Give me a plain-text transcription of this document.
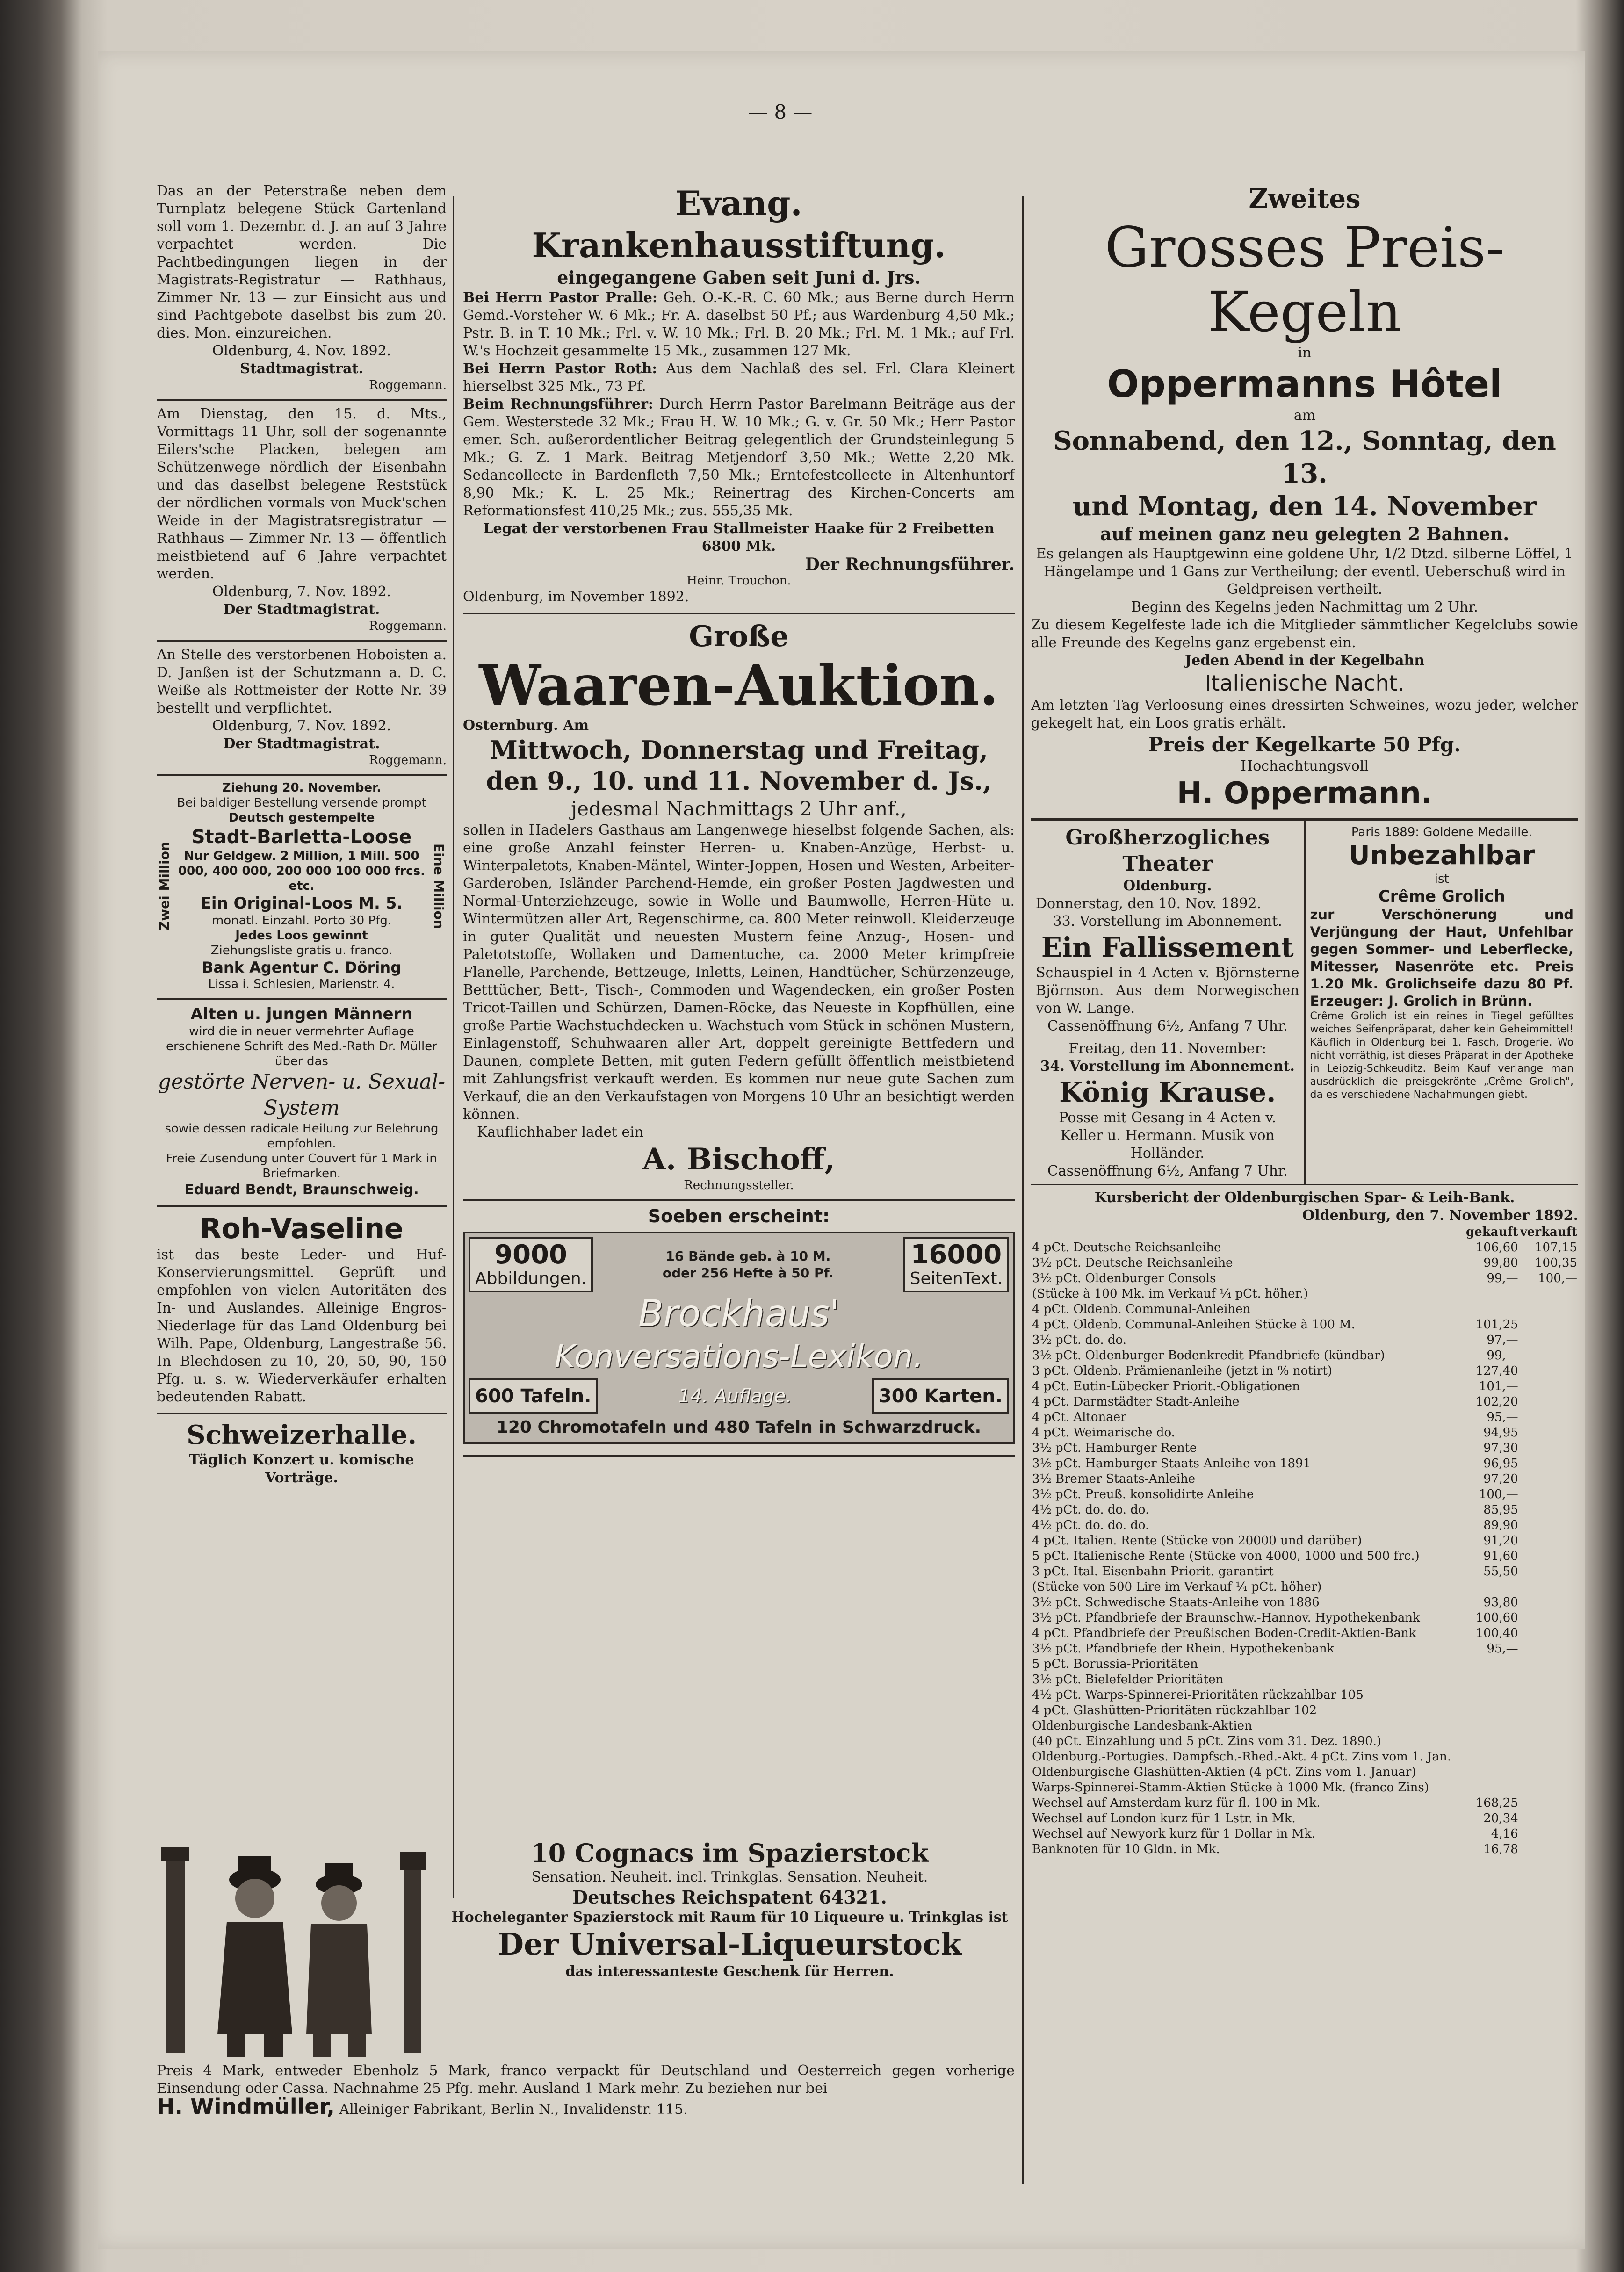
— 8 —

Das an der Peterstraße neben dem Turnplatz belegene Stück Gartenland soll vom 1. Dezembr. d. J. an auf 3 Jahre verpachtet werden. Die Pachtbedingungen liegen in der Magistrats-Registratur — Rathhaus, Zimmer Nr. 13 — zur Einsicht aus und sind Pachtgebote daselbst bis zum 20. dies. Mon. einzureichen.

Oldenburg, 4. Nov. 1892.

Stadtmagistrat.

Roggemann.

Am Dienstag, den 15. d. Mts., Vormittags 11 Uhr, soll der sogenannte Eilers'sche Placken, belegen am Schützenwege nördlich der Eisenbahn und das daselbst belegene Reststück der nördlichen vormals von Muck'schen Weide in der Magistratsregistratur — Rathhaus — Zimmer Nr. 13 — öffentlich meistbietend auf 6 Jahre verpachtet werden.

Oldenburg, 7. Nov. 1892.

Der Stadtmagistrat.

Roggemann.

An Stelle des verstorbenen Hoboisten a. D. Janßen ist der Schutzmann a. D. C. Weiße als Rottmeister der Rotte Nr. 39 bestellt und verpflichtet.

Oldenburg, 7. Nov. 1892.

Der Stadtmagistrat.

Roggemann.

Zwei Million

Ziehung 20. November.

Bei baldiger Bestellung versende prompt

Deutsch gestempelte

Stadt-Barletta-Loose

Nur Geldgew. 2 Million, 1 Mill. 500 000, 400 000, 200 000 100 000 frcs. etc.

Ein Original-Loos M. 5.

monatl. Einzahl. Porto 30 Pfg.

Jedes Loos gewinnt

Ziehungsliste gratis u. franco.

Bank Agentur C. Döring

Lissa i. Schlesien, Marienstr. 4.

Eine Million

Alten u. jungen Männern

wird die in neuer vermehrter Auflage erschienene Schrift des Med.-Rath Dr. Müller über das

gestörte Nerven- u. Sexual-System

sowie dessen radicale Heilung zur Belehrung empfohlen.

Freie Zusendung unter Couvert für 1 Mark in Briefmarken.

Eduard Bendt, Braunschweig.

Roh-Vaseline

ist das beste Leder- und Huf-Konservierungsmittel. Geprüft und empfohlen von vielen Autoritäten des In- und Auslandes. Alleinige Engros-Niederlage für das Land Oldenburg bei Wilh. Pape, Oldenburg, Langestraße 56. In Blechdosen zu 10, 20, 50, 90, 150 Pfg. u. s. w. Wiederverkäufer erhalten bedeutenden Rabatt.

Schweizerhalle.

Täglich Konzert u. komische Vorträge.

Evang. Krankenhausstiftung.

eingegangene Gaben seit Juni d. Jrs.

Bei Herrn Pastor Pralle: Geh. O.-K.-R. C. 60 Mk.; aus Berne durch Herrn Gemd.-Vorsteher W. 6 Mk.; Fr. A. daselbst 50 Pf.; aus Wardenburg 4,50 Mk.; Pstr. B. in T. 10 Mk.; Frl. v. W. 10 Mk.; Frl. B. 20 Mk.; Frl. M. 1 Mk.; auf Frl. W.'s Hochzeit gesammelte 15 Mk., zusammen 127 Mk.

Bei Herrn Pastor Roth: Aus dem Nachlaß des sel. Frl. Clara Kleinert hierselbst 325 Mk., 73 Pf.

Beim Rechnungsführer: Durch Herrn Pastor Barelmann Beiträge aus der Gem. Westerstede 32 Mk.; Frau H. W. 10 Mk.; G. v. Gr. 50 Mk.; Herr Pastor emer. Sch. außerordentlicher Beitrag gelegentlich der Grundsteinlegung 5 Mk.; G. Z. 1 Mark. Beitrag Metjendorf 3,50 Mk.; Wette 2,20 Mk. Sedancollecte in Bardenfleth 7,50 Mk.; Erntefestcollecte in Altenhuntorf 8,90 Mk.; K. L. 25 Mk.; Reinertrag des Kirchen-Concerts am Reformationsfest 410,25 Mk.; zus. 555,35 Mk.

Legat der verstorbenen Frau Stallmeister Haake für 2 Freibetten 6800 Mk.

Der Rechnungsführer.

Heinr. Trouchon.

Oldenburg, im November 1892.

Große

Waaren-Auktion.

Osternburg. Am

Mittwoch, Donnerstag und Freitag,

den 9., 10. und 11. November d. Js.,

jedesmal Nachmittags 2 Uhr anf.,

sollen in Hadelers Gasthaus am Langenwege hieselbst folgende Sachen, als: eine große Anzahl feinster Herren- u. Knaben-Anzüge, Herbst- u. Winterpaletots, Knaben-Mäntel, Winter-Joppen, Hosen und Westen, Arbeiter-Garderoben, Isländer Parchend-Hemde, ein großer Posten Jagdwesten und Normal-Unterziehzeuge, sowie in Wolle und Baumwolle, Herren-Hüte u. Wintermützen aller Art, Regenschirme, ca. 800 Meter reinwoll. Kleiderzeuge in guter Qualität und neuesten Mustern feine Anzug-, Hosen- und Paletotstoffe, Wollaken und Damentuche, ca. 2000 Meter krimpfreie Flanelle, Parchende, Bettzeuge, Inletts, Leinen, Handtücher, Schürzenzeuge, Betttücher, Bett-, Tisch-, Commoden und Wagendecken, ein großer Posten Tricot-Taillen und Schürzen, Damen-Röcke, das Neueste in Kopfhüllen, eine große Partie Wachstuchdecken u. Wachstuch vom Stück in schönen Mustern, Einlagenstoff, Schuhwaaren aller Art, doppelt gereinigte Bettfedern und Daunen, complete Betten, mit guten Federn gefüllt öffentlich meistbietend mit Zahlungsfrist verkauft werden. Es kommen nur neue gute Sachen zum Verkauf, die an den Verkaufstagen von Morgens 10 Uhr an besichtigt werden können.

Kauflichhaber ladet ein

A. Bischoff,

Rechnungssteller.

Soeben erscheint:

9000
Abbildungen.
16 Bände geb. à 10 M.
oder 256 Hefte à 50 Pf.
16000
SeitenText.
Brockhaus'
Konversations-Lexikon.
600 Tafeln.	14. Auflage.	300 Karten.
120 Chromotafeln und 480 Tafeln in Schwarzdruck.

10 Cognacs im Spazierstock

Sensation. Neuheit. incl. Trinkglas. Sensation. Neuheit.

Deutsches Reichspatent 64321.

Hocheleganter Spazierstock mit Raum für 10 Liqueure u. Trinkglas ist

Der Universal-Liqueurstock

das interessanteste Geschenk für Herren.

Preis 4 Mark, entweder Ebenholz 5 Mark, franco verpackt für Deutschland und Oesterreich gegen vorherige Einsendung oder Cassa. Nachnahme 25 Pfg. mehr. Ausland 1 Mark mehr. Zu beziehen nur bei

H. Windmüller, Alleiniger Fabrikant, Berlin N., Invalidenstr. 115.

Zweites

Grosses Preis-Kegeln

in

Oppermanns Hôtel

am

Sonnabend, den 12., Sonntag, den 13.

und Montag, den 14. November

auf meinen ganz neu gelegten 2 Bahnen.

Es gelangen als Hauptgewinn eine goldene Uhr, 1/2 Dtzd. silberne Löffel, 1 Hängelampe und 1 Gans zur Vertheilung; der eventl. Ueberschuß wird in Geldpreisen vertheilt.

Beginn des Kegelns jeden Nachmittag um 2 Uhr.

Zu diesem Kegelfeste lade ich die Mitglieder sämmtlicher Kegelclubs sowie alle Freunde des Kegelns ganz ergebenst ein.

Jeden Abend in der Kegelbahn

Italienische Nacht.

Am letzten Tag Verloosung eines dressirten Schweines, wozu jeder, welcher gekegelt hat, ein Loos gratis erhält.

Preis der Kegelkarte 50 Pfg.

Hochachtungsvoll

H. Oppermann.

Großherzogliches Theater

Oldenburg.

Donnerstag, den 10. Nov. 1892.

33. Vorstellung im Abonnement.

Ein Fallissement

Schauspiel in 4 Acten v. Björnsterne Björnson. Aus dem Norwegischen von W. Lange.

Cassenöffnung 6½, Anfang 7 Uhr.

Freitag, den 11. November:

34. Vorstellung im Abonnement.

König Krause.

Posse mit Gesang in 4 Acten v. Keller u. Hermann. Musik von Holländer.

Cassenöffnung 6½, Anfang 7 Uhr.

Paris 1889: Goldene Medaille.

Unbezahlbar

ist

Crême Grolich

zur Verschönerung und Verjüngung der Haut, Unfehlbar gegen Sommer- und Leberflecke, Mitesser, Nasenröte etc. Preis 1.20 Mk. Grolichseife dazu 80 Pf. Erzeuger: J. Grolich in Brünn.

Crême Grolich ist ein reines in Tiegel gefülltes weiches Seifenpräparat, daher kein Geheimmittel! Käuflich in Oldenburg bei 1. Fasch, Drogerie. Wo nicht vorräthig, ist dieses Präparat in der Apotheke in Leipzig-Schkeuditz. Beim Kauf verlange man ausdrücklich die preisgekrönte „Crême Grolich", da es verschiedene Nachahmungen giebt.

Kursbericht der Oldenburgischen Spar- & Leih-Bank.

Oldenburg, den 7. November 1892.

	gekauft	verkauft
4 pCt. Deutsche Reichsanleihe	106,60	107,15
3½ pCt. Deutsche Reichsanleihe	99,80	100,35
3½ pCt. Oldenburger Consols	99,—	100,—
(Stücke à 100 Mk. im Verkauf ¼ pCt. höher.)		
4 pCt. Oldenb. Communal-Anleihen		
4 pCt. Oldenb. Communal-Anleihen Stücke à 100 M.	101,25	
3½ pCt. do. do.	97,—	
3½ pCt. Oldenburger Bodenkredit-Pfandbriefe (kündbar)	99,—	
3 pCt. Oldenb. Prämienanleihe (jetzt in % notirt)	127,40	
4 pCt. Eutin-Lübecker Priorit.-Obligationen	101,—	
4 pCt. Darmstädter Stadt-Anleihe	102,20	
4 pCt. Altonaer	95,—	
4 pCt. Weimarische do.	94,95	
3½ pCt. Hamburger Rente	97,30	
3½ pCt. Hamburger Staats-Anleihe von 1891	96,95	
3½ Bremer Staats-Anleihe	97,20	
3½ pCt. Preuß. konsolidirte Anleihe	100,—	
4½ pCt. do. do. do.	85,95	
4½ pCt. do. do. do.	89,90	
4 pCt. Italien. Rente (Stücke von 20000 und darüber)	91,20	
5 pCt. Italienische Rente (Stücke von 4000, 1000 und 500 frc.)	91,60	
3 pCt. Ital. Eisenbahn-Priorit. garantirt	55,50	
(Stücke von 500 Lire im Verkauf ¼ pCt. höher)		
3½ pCt. Schwedische Staats-Anleihe von 1886	93,80	
3½ pCt. Pfandbriefe der Braunschw.-Hannov. Hypothekenbank	100,60	
4 pCt. Pfandbriefe der Preußischen Boden-Credit-Aktien-Bank	100,40	
3½ pCt. Pfandbriefe der Rhein. Hypothekenbank	95,—	
5 pCt. Borussia-Prioritäten		
3½ pCt. Bielefelder Prioritäten		
4½ pCt. Warps-Spinnerei-Prioritäten rückzahlbar 105		
4 pCt. Glashütten-Prioritäten rückzahlbar 102		
Oldenburgische Landesbank-Aktien		
(40 pCt. Einzahlung und 5 pCt. Zins vom 31. Dez. 1890.)		
Oldenburg.-Portugies. Dampfsch.-Rhed.-Akt. 4 pCt. Zins vom 1. Jan.		
Oldenburgische Glashütten-Aktien (4 pCt. Zins vom 1. Januar)		
Warps-Spinnerei-Stamm-Aktien Stücke à 1000 Mk. (franco Zins)		
Wechsel auf Amsterdam kurz für fl. 100 in Mk.	168,25	
Wechsel auf London kurz für 1 Lstr. in Mk.	20,34	
Wechsel auf Newyork kurz für 1 Dollar in Mk.	4,16	
Banknoten für 10 Gldn. in Mk.	16,78	
